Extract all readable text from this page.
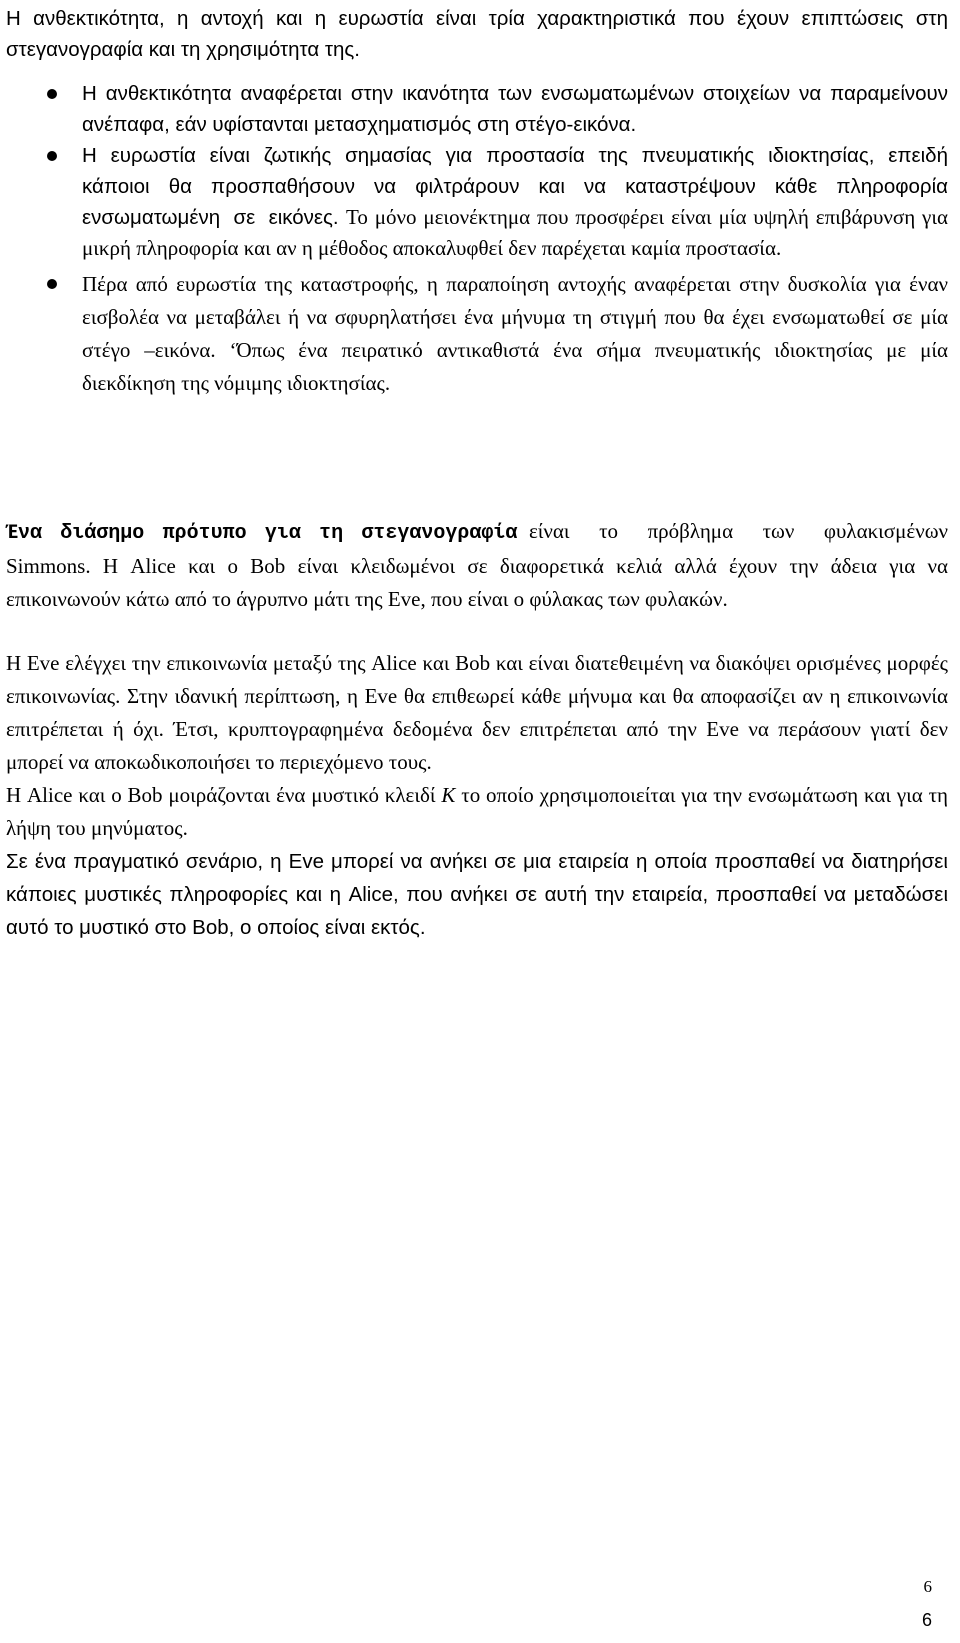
Η ανθεκτικότητα, η αντοχή και η ευρωστία είναι τρία χαρακτηριστικά που έχουν επιπτώσεις στη στεγανογραφία και τη χρησιμότητα της.

Η ανθεκτικότητα αναφέρεται στην ικανότητα των ενσωματωμένων στοιχείων να παραμείνουν ανέπαφα, εάν υφίστανται μετασχηματισμός στη στέγο-εικόνα.
Η ευρωστία είναι ζωτικής σημασίας για προστασία της πνευματικής ιδιοκτησίας, επειδή κάποιοι θα προσπαθήσουν να φιλτράρουν και να καταστρέψουν κάθε πληροφορία ενσωματωμένη σε εικόνες. Το μόνο μειονέκτημα που προσφέρει είναι μία υψηλή επιβάρυνση για μικρή πληροφορία και αν η μέθοδος αποκαλυφθεί δεν παρέχεται καμία προστασία.
Πέρα από ευρωστία της καταστροφής, η παραποίηση αντοχής αναφέρεται στην δυσκολία για έναν εισβολέα να μεταβάλει ή να σφυρηλατήσει ένα μήνυμα τη στιγμή που θα έχει ενσωματωθεί σε μία στέγο –εικόνα. ‘Όπως ένα πειρατικό αντικαθιστά ένα σήμα πνευματικής ιδιοκτησίας με μία διεκδίκηση της νόμιμης ιδιοκτησίας.

Ένα διάσημο πρότυπο για τη στεγανογραφία είναι το πρόβλημα των φυλακισμένων Simmons. Η Alice και ο Bob είναι κλειδωμένοι σε διαφορετικά κελιά αλλά έχουν την άδεια για να επικοινωνούν κάτω από το άγρυπνο μάτι της Eve, που είναι ο φύλακας των φυλακών.

Η Eve ελέγχει την επικοινωνία μεταξύ της Alice και Bob και είναι διατεθειμένη να διακόψει ορισμένες μορφές επικοινωνίας. Στην ιδανική περίπτωση, η Eve θα επιθεωρεί κάθε μήνυμα και θα αποφασίζει αν η επικοινωνία επιτρέπεται ή όχι. Έτσι, κρυπτογραφημένα δεδομένα δεν επιτρέπεται από την Eve να περάσουν γιατί δεν μπορεί να αποκωδικοποιήσει το περιεχόμενο τους.

Η Alice και ο Bob μοιράζονται ένα μυστικό κλειδί K το οποίο χρησιμοποιείται για την ενσωμάτωση και για τη λήψη του μηνύματος.

Σε ένα πραγματικό σενάριο, η Eve μπορεί να ανήκει σε μια εταιρεία η οποία προσπαθεί να διατηρήσει κάποιες μυστικές πληροφορίες και η Alice, που ανήκει σε αυτή την εταιρεία, προσπαθεί να μεταδώσει αυτό το μυστικό στο Bob, ο οποίος είναι εκτός.

6
6
